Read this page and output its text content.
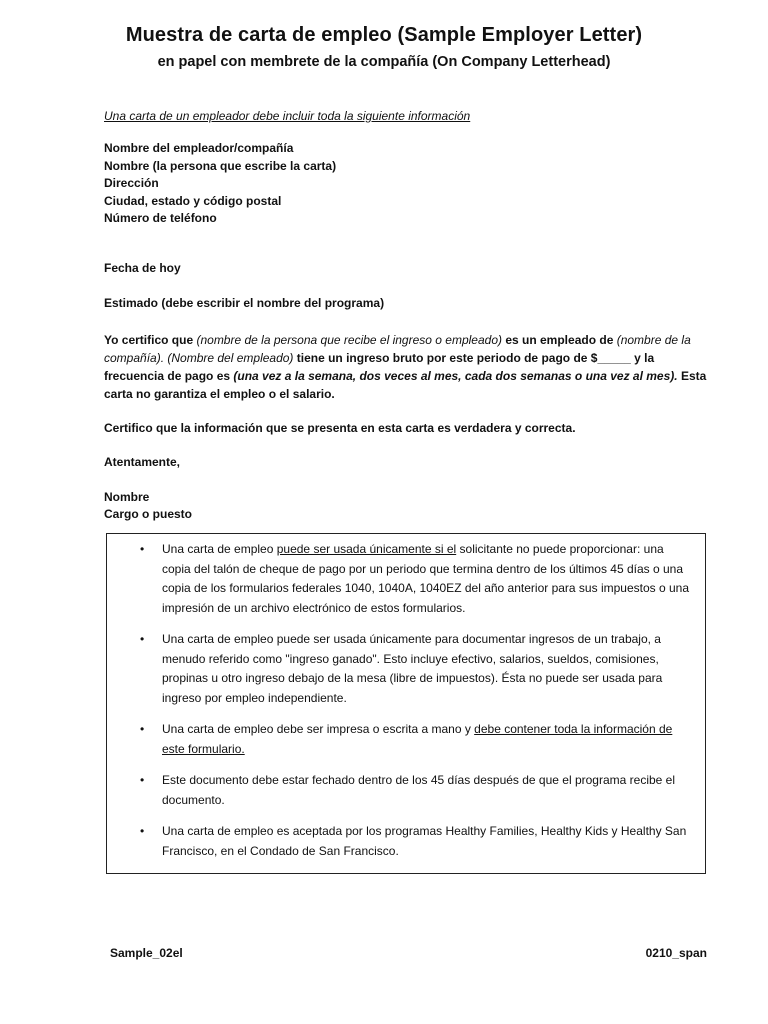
Muestra de carta de empleo (Sample Employer Letter)
en papel con membrete de la compañía (On Company Letterhead)
Una carta de un empleador debe incluir toda la siguiente información
Nombre del empleador/compañía
Nombre (la persona que escribe la carta)
Dirección
Ciudad, estado y código postal
Número de teléfono
Fecha de hoy
Estimado (debe escribir el nombre del programa)
Yo certifico que (nombre de la persona que recibe el ingreso o empleado) es un empleado de (nombre de la compañía). (Nombre del empleado) tiene un ingreso bruto por este periodo de pago de $_____ y la frecuencia de pago es (una vez a la semana, dos veces al mes, cada dos semanas o una vez al mes). Esta carta no garantiza el empleo o el salario.
Certifico que la información que se presenta en esta carta es verdadera y correcta.
Atentamente,
Nombre
Cargo o puesto
• Una carta de empleo puede ser usada únicamente si el solicitante no puede proporcionar: una copia del talón de cheque de pago por un periodo que termina dentro de los últimos 45 días o una copia de los formularios federales 1040, 1040A, 1040EZ del año anterior para sus impuestos o una impresión de un archivo electrónico de estos formularios.
• Una carta de empleo puede ser usada únicamente para documentar ingresos de un trabajo, a menudo referido como "ingreso ganado". Esto incluye efectivo, salarios, sueldos, comisiones, propinas u otro ingreso debajo de la mesa (libre de impuestos). Ésta no puede ser usada para ingreso por empleo independiente.
• Una carta de empleo debe ser impresa o escrita a mano y debe contener toda la información de este formulario.
• Este documento debe estar fechado dentro de los 45 días después de que el programa recibe el documento.
• Una carta de empleo es aceptada por los programas Healthy Families, Healthy Kids y Healthy San Francisco, en el Condado de San Francisco.
Sample_02el	0210_span
